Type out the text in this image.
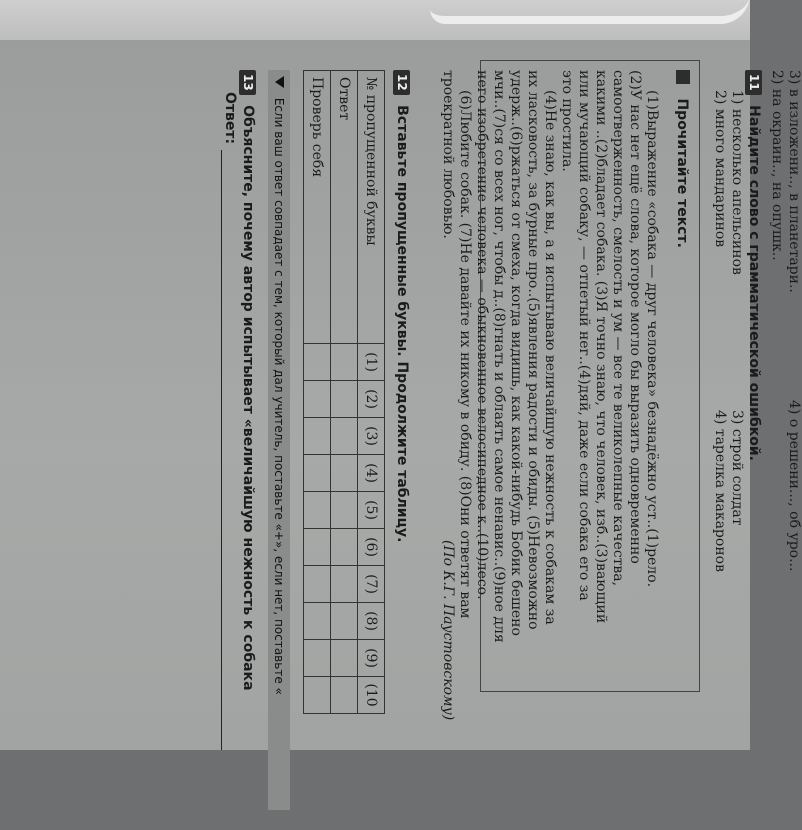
3) в изложени.., в планетари..
4) о решени..., об уро...
2) на окраин.., на опушк..
11 Найдите слово с грамматической ошибкой.
1) несколько апельсинов
2) много мандаринов
3) строй солдат
4) тарелка макаронов
Прочитайте текст.
(1)Выражение «собака — друг человека» безнадёжно уст..(1)рело.
(2)У нас нет ещё слова, которое могло бы выразить одновременно
самоотверженность, смелость и ум — все те великолепные качества,
какими ..(2)бладает собака. (3)Я точно знаю, что человек, изб..(3)вающий
или мучающий собаку, — отпетый нег..(4)дяй, даже если собака его за
это простила.
(4)Не знаю, как вы, а я испытываю величайшую нежность к собакам за
их ласковость, за бурные про..(5)явления радости и обиды. (5)Невозможно
удерж..(6)ржаться от смеха, когда видишь, как какой-нибудь Бобик бешено
мчи..(7)ся со всех ног, чтобы д..(8)гнать и облаять самое ненавис..(9)ное для
него изобретение человека — обыкновенное велосипедное к..(10)лесо.
(6)Любите собак. (7)Не давайте их никому в обиду. (8)Они ответят вам
троекратной любовью.
(По К.Г. Паустовскому)
12 Вставьте пропущенные буквы. Продолжите таблицу.
№ пропущенной буквы	(1)	(2)	(3)	(4)	(5)	(6)	(7)	(8)	(9)	(10
Ответ										
Проверь себя										
Если ваш ответ совпадает с тем, который дал учитель, поставьте «+», если нет, поставьте «
13 Объясните, почему автор испытывает «величайшую нежность к собака
Ответ:
